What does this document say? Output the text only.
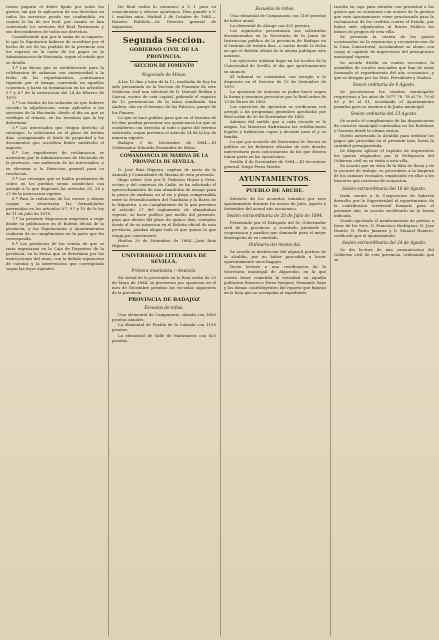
reales pagaria el deber fijado por todos los gastos, sin que la aplicacion de sus derechos en todos los servicios pueda ser confundida, en cuanto le ha de ser facil, por cuanto se han contratado los servicios del Real Patrimonio y sus descendientes de todos sus derechos.

Considerando que por la suma de su importe, lo que la Diputacion hubiese de acreditar por el hecho de ser de los pueblos de la provincia con los reparos en la cuota de los pagos en la Administracion de Hacienda, segun el estado que se detalla.

1.ª Las fincas que se establecieron para la celebracion de subastas con anterioridad a la fecha de los repartimientos, continuaran rigiendo por el tiempo convenido en aquellos contratos, y hasta su terminacion en los articulos 3.º y 4.º de la instruccion del 24 de febrero de 1879.

2.ª Los fondos de las subastas en que hubiere recaido la adjudicacion, seran aplicados a los servicios de la Hacienda, desde el dia en que se verifique el remate, en los terminos que la ley determina.

3.ª Los interesados que tengan derecho al reintegro, lo solicitaran en el plazo de treinta dias, acompanando el titulo de propiedad y los documentos que acrediten haber satisfecho el importe.

4.ª Los expedientes de reclamacion se instruiran por la Administracion de Hacienda de la provincia, con audiencia de los interesados, y se elevaran a la Direccion general para su resolucion.

5.ª Los recargos que se hallen pendientes de cobro en los pueblos seran satisfechos con arreglo a lo que disponen los articulos 25, 26 y 27 de la instruccion vigente.

6.ª Para la redencion de los censos y demas cargas se observaran las formalidades prevenidas en los articulos 8.º, 9.º y 10 de la ley de 11 de julio de 1878.

7.ª La presente disposicion empezara a regir desde su publicacion en el Boletin oficial de la provincia, y las Diputaciones y Ayuntamientos cuidaran de su cumplimiento en la parte que les corresponda.

8.ª Los productos de las ventas de que se trata ingresaran en la Caja de Depositos de la provincia, en la forma que se determina por las instrucciones del ramo, con la debida separacion de cuentas y la intervencion que corresponda segun las leyes vigentes.

De Real orden lo comunico a V. I. para su conocimiento y efectos oportunos. Dios guarde a V. I. muchos años. Madrid 2 de Octubre de 1884.—Romero Robledo.—Sr. Director general de Impuestos.

Segunda Seccion.
GOBIERNO CIVIL DE LA PROVINCIA.
SECCION DE FOMENTO
Negociado de Minas.

A las 10 dias y hora de la 12, mediodia de hoy ha sido presentada en la Seccion de Fomento de este Gobierno civil una solicitud de D. Manuel Roldan y Garcia, vecino de esta capital, pidiendo el registro de 12 pertenencias de la mina nombrada San Andres, sita en el termino de los Palacios, paraje de los Pinares.

Lo que se hace publico para que en el termino de 60 dias puedan presentar sus oposiciones los que se consideren con derecho al todo o parte del terreno solicitado, segun previene el articulo 24 de la ley de mineria vigente.

Badajoz 3 de Noviembre de 1884.—El Gobernador, Eduardo Fernandez de Bulas.

COMANDANCIA DE MARINA DE LA PROVINCIA DE SEVILLA.

D. José Ruiz Higuero, capitan de navio de la Armada y Comandante de Marina de esta provincia.

Hago saber: Que por D. Federico Hoyos y Ortiz, vecino y del comercio de Cadiz, se ha solicitado el aprovechamiento de una almadraba de ensayo para la pesca de sardinas en el rio y playa comprendida entre la desembocadura del Guadiana y la Barra de la Higuerita, y en cumplimiento de lo que previene el articulo 27 del reglamento de almadrabas vigente, se hace publico por medio del presente, para que dentro del plazo de quince dias, contados desde el de su insercion en el Boletin oficial de esta provincia, puedan alegar todo el que quiera lo que tenga por conveniente.

Huelva 29 de Setiembre de 1884.—José Ruiz Higuero.

UNIVERSIDAD LITERARIA DE SEVILLA.
Primera enseñanza.—Anuncio.

En virtud de lo prevenido en la Real orden de 20 de Mayo de 1884, se proveeran por oposicion en el mes de Diciembre proximo las escuelas siguientes de la provincia.

PROVINCIA DE BADAJOZ
Escuelas de niñas.

Una elemental de Campanario, dotada con 1650 pesetas anuales.

La elemental de Puebla de la Calzada con 1100 pesetas.

La elemental de Valle de Matamoros con 825 pesetas.

Escuelas de niños.

Una elemental de Campanario con 1100 pesetas de haber anual.

La elemental de Alange con 825 pesetas.

Los aspirantes presentaran sus solicitudes documentadas en la Secretaria de la Junta de Instruccion publica de la provincia de Badajoz en el termino de treinta dias, a contar desde la fecha en que el Boletin oficial de la misma publique este anuncio.

Los ejercicios tendran lugar en los locales de la Universidad de Sevilla, el dia que oportunamente se anuncie.

El tribunal se constituira con arreglo a lo dispuesto en el Decreto de 12 de Setiembre de 1870.

La oposicion de Asturias se podra hacer segun la forma y terminos prescritos por la Real orden de 13 de Enero de 1883.

Los ejercicios de oposicion se verificaran con arreglo a los programas generales aprobados por Real orden de 30 de Noviembre de 1883.

Ademas del sueldo que a cada escuela se le asigna, los Maestros disfrutaran las retribuciones legales y habitacion capaz y decente para el y su familia.

Lo que por acuerdo del Ilustrisimo Sr. Rector se publica en los Boletines oficiales de este distrito universitario para conocimiento de los que deseen tomar parte en las oposiciones.

Sevilla 4 de Noviembre de 1884.—El Secretario general, Diego Perez Martin.

AYUNTAMIENTOS.
PUEBLO DE ARCHE.

Extracto de los acuerdos tomados por este Ayuntamiento durante los meses de Julio, Agosto y Setiembre del actual año economico.

Sesion extraordinaria de 20 de Julio de 1884.

Presentado por el Delegado del Sr. Gobernador civil de la provincia, y acordado prestarle la cooperacion y auxilios que demande para el mejor desempeño de su cometido.

Ordinaria del mismo dia.

Se acordo la destitucion del alguacil portero de la alcaldia, por no haber procedido a hacer oportunamente unos bagajes.

Dicen lectura a una certificacion de la Secretaria municipal de Algarrobo, en la que consta tener cometida la vecindad en aquella poblacion Francisco Perez Vazquez, Fernando Sanz y los demas contribuyentes del reparto que figuran en la lista que se acompaña al expediente.

resulta en caja para atender con prontitud a los gastos que se ocasionen con motivo de la gestion que este Ayuntamiento viene practicando para la reclamacion de los creditos contra el Estado, por haber sido adjudicados al Erario Publico los bienes de propios de esta villa.

Se presenta la cuenta de los gastos ocasionados en la reparacion y reconstruccion de la Casa Consistorial, acordandose su abono con cargo al capitulo de imprevistos del presupuesto municipal vigente.

Se acordo dividir en cuatro secciones la asamblea de vocales asociados que han de estar formando el repartimiento del año economico, y que se designe por los Sres. Presidente y Sindico.

Sesion ordinaria de 6 Agosto.

Se presentaron las cuentas municipales respectivas a los años de 1877 78, 78 al 79, 79 al 80 y 80 al 81, acordando el Ayuntamiento pasarlas para su examen a la Junta municipal.

Sesion ordinaria del 13 Agosto.

Se acordo el cumplimiento de las disposiciones de caracter municipal contenidas en los Boletines y Gacetas desde la ultima sesion.

Quedo autorizada la Alcaldia para ordenar los pagos que procedan en el presente mes, hasta la cantidad presupuestada.

Se dispuso aplicar el capitulo de imprevistos los gastos originados por la Delegacion del Gobierno civil en su visita a esta villa.

Se acordo que en vista de la falta de lluvia y de la escasez de trabajo, se procediese a la limpieza de los caminos vecinales, empleando en ellos a los braceros que carezcan de ocupacion.

Sesion extraordinaria del 16 de Agosto.

Dada cuenta a la Corporacion de haberse devuelto por la Superioridad el repartimiento de la contribucion territorial formado para el presente año, se acordo rectificarlo en la forma indicada.

Quedo aprobado el nombramiento de peritos a favor de los Sres. D. Francisco Rodriguez, D. Jose Duarte, D. Pedro Jimenez y D. Manuel Romero, verificado por el Ayuntamiento.

Sesion extraordinaria del 24 de Agosto.

Se dio lectura de una comunicacion del Gobierno civil de esta provincia, ordenando que se
